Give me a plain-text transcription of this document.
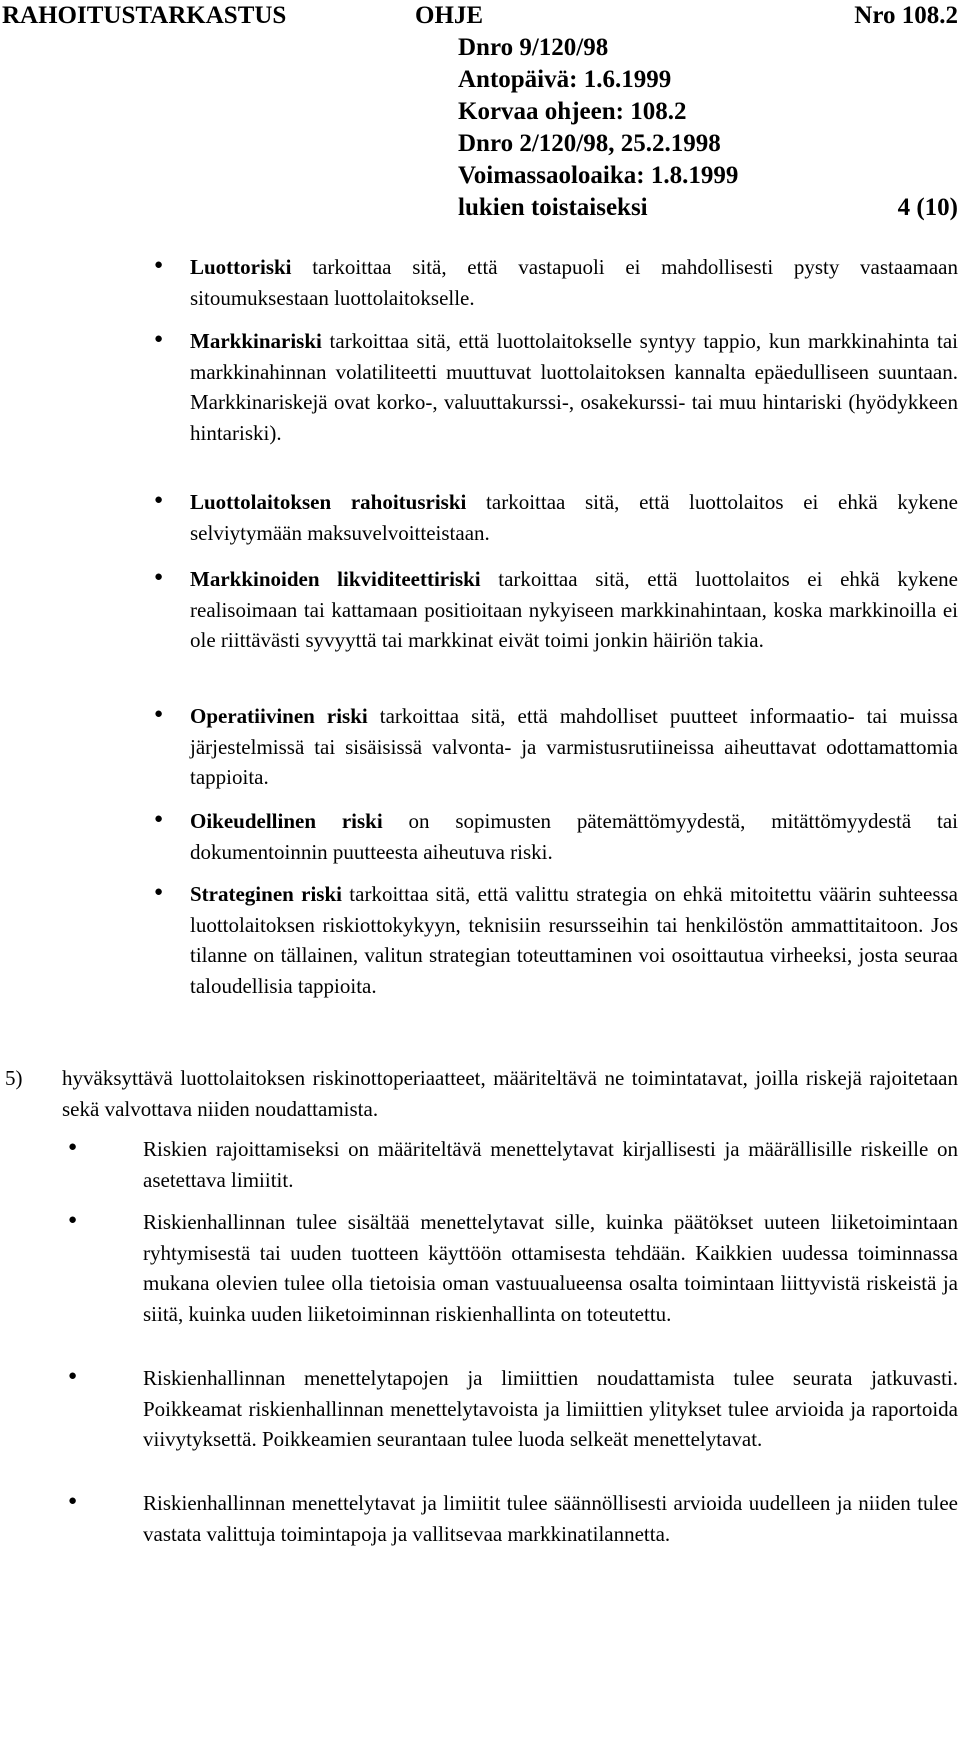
RAHOITUSTARKASTUS	OHJE	Nro 108.2
Dnro 9/120/98
Antopäivä: 1.6.1999
Korvaa ohjeen: 108.2
Dnro 2/120/98, 25.2.1998
Voimassaoloaika: 1.8.1999
lukien toistaiseksi	4 (10)
●	Luottoriski tarkoittaa sitä, että vastapuoli ei mahdollisesti pysty vastaamaan sitoumuksestaan luottolaitokselle.

●	Markkinariski tarkoittaa sitä, että luottolaitokselle syntyy tappio, kun markkinahinta tai markkinahinnan volatiliteetti muuttuvat luottolaitoksen kannalta epäedulliseen suuntaan. Markkinariskejä ovat korko-, valuuttakurssi-, osakekurssi- tai muu hintariski (hyödykkeen hintariski).

●	Luottolaitoksen rahoitusriski tarkoittaa sitä, että luottolaitos ei ehkä kykene selviytymään maksuvelvoitteistaan.

●	Markkinoiden likviditeettiriski tarkoittaa sitä, että luottolaitos ei ehkä kykene realisoimaan tai kattamaan positioitaan nykyiseen markkinahintaan, koska markkinoilla ei ole riittävästi syvyyttä tai markkinat eivät toimi jonkin häiriön takia.

●	Operatiivinen riski tarkoittaa sitä, että mahdolliset puutteet informaatio- tai muissa järjestelmissä tai sisäisissä valvonta- ja varmistusrutiineissa aiheuttavat odottamattomia tappioita.

●	Oikeudellinen riski on sopimusten pätemättömyydestä, mitättömyydestä tai dokumentoinnin puutteesta aiheutuva riski.

●	Strateginen riski tarkoittaa sitä, että valittu strategia on ehkä mitoitettu väärin suhteessa luottolaitoksen riskiottokykyyn, teknisiin resursseihin tai henkilöstön ammattitaitoon. Jos tilanne on tällainen, valitun strategian toteuttaminen voi osoittautua virheeksi, josta seuraa taloudellisia tappioita.

5) hyväksyttävä luottolaitoksen riskinottoperiaatteet, määriteltävä ne toimintatavat, joilla riskejä rajoitetaan sekä valvottava niiden noudattamista.

●	Riskien rajoittamiseksi on määriteltävä menettelytavat kirjallisesti ja määrällisille riskeille on asetettava limiitit.

●	Riskienhallinnan tulee sisältää menettelytavat sille, kuinka päätökset uuteen liiketoimintaan ryhtymisestä tai uuden tuotteen käyttöön ottamisesta tehdään. Kaikkien uudessa toiminnassa mukana olevien tulee olla tietoisia oman vastuualueensa osalta toimintaan liittyvistä riskeistä ja siitä, kuinka uuden liiketoiminnan riskienhallinta on toteutettu.

●	Riskienhallinnan menettelytapojen ja limiittien noudattamista tulee seurata jatkuvasti. Poikkeamat riskienhallinnan menettelytavoista ja limiittien ylitykset tulee arvioida ja raportoida viivytyksettä. Poikkeamien seurantaan tulee luoda selkeät menettelytavat.

●	Riskienhallinnan menettelytavat ja limiitit tulee säännöllisesti arvioida uudelleen ja niiden tulee vastata valittuja toimintapoja ja vallitsevaa markkinatilannetta.
